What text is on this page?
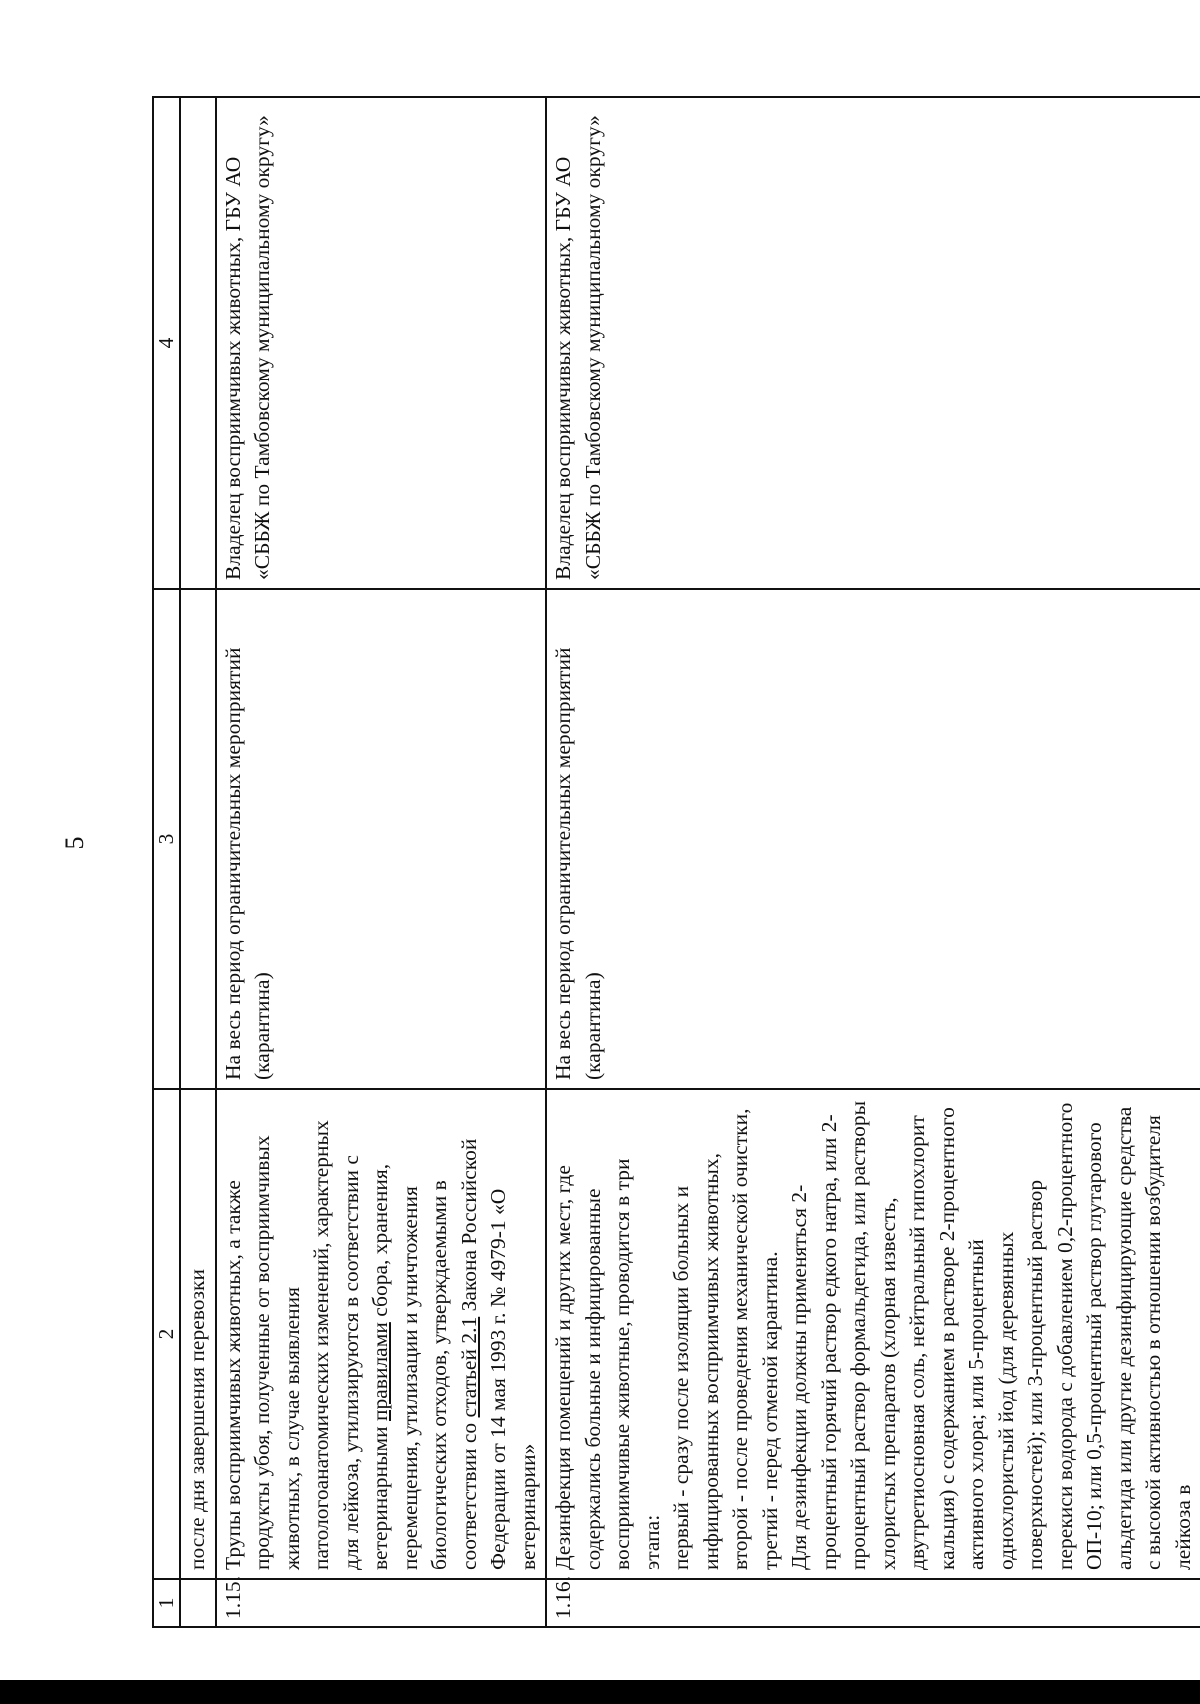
5
1	2	3	4
	после дня завершения перевозки		
1.15.	Трупы восприимчивых животных, а также продукты убоя, полученные от восприимчивых животных, в случае выявления патологоанатомических изменений, характерных для лейкоза, утилизируются в соответствии с ветеринарными правилами сбора, хранения, перемещения, утилизации и уничтожения биологических отходов, утверждаемыми в соответствии со статьей 2.1 Закона Российской Федерации от 14 мая 1993 г. № 4979-1 «О ветеринарии»	На весь период ограничительных мероприятий (карантина)	Владелец восприимчивых животных, ГБУ АО «СББЖ по Тамбовскому муниципальному округу»
1.16.	Дезинфекция помещений и других мест, где содержались больные и инфицированные восприимчивые животные, проводится в три этапа:
первый - сразу после изоляции больных и инфицированных восприимчивых животных, второй - после проведения механической очистки, третий - перед отменой карантина.
Для дезинфекции должны применяться 2-процентный горячий раствор едкого натра, или 2-процентный раствор формальдегида, или растворы хлористых препаратов (хлорная известь, двутретиосновная соль, нейтральный гипохлорит кальция) с содержанием в растворе 2-процентного активного хлора; или 5-процентный однохлористый йод (для деревянных поверхностей); или 3-процентный раствор перекиси водорода с добавлением 0,2-процентного ОП-10; или 0,5-процентный раствор глутарового альдегида или другие дезинфицирующие средства с высокой активностью в отношении возбудителя лейкоза в	На весь период ограничительных мероприятий (карантина)	Владелец восприимчивых животных, ГБУ АО «СББЖ по Тамбовскому муниципальному округу»
